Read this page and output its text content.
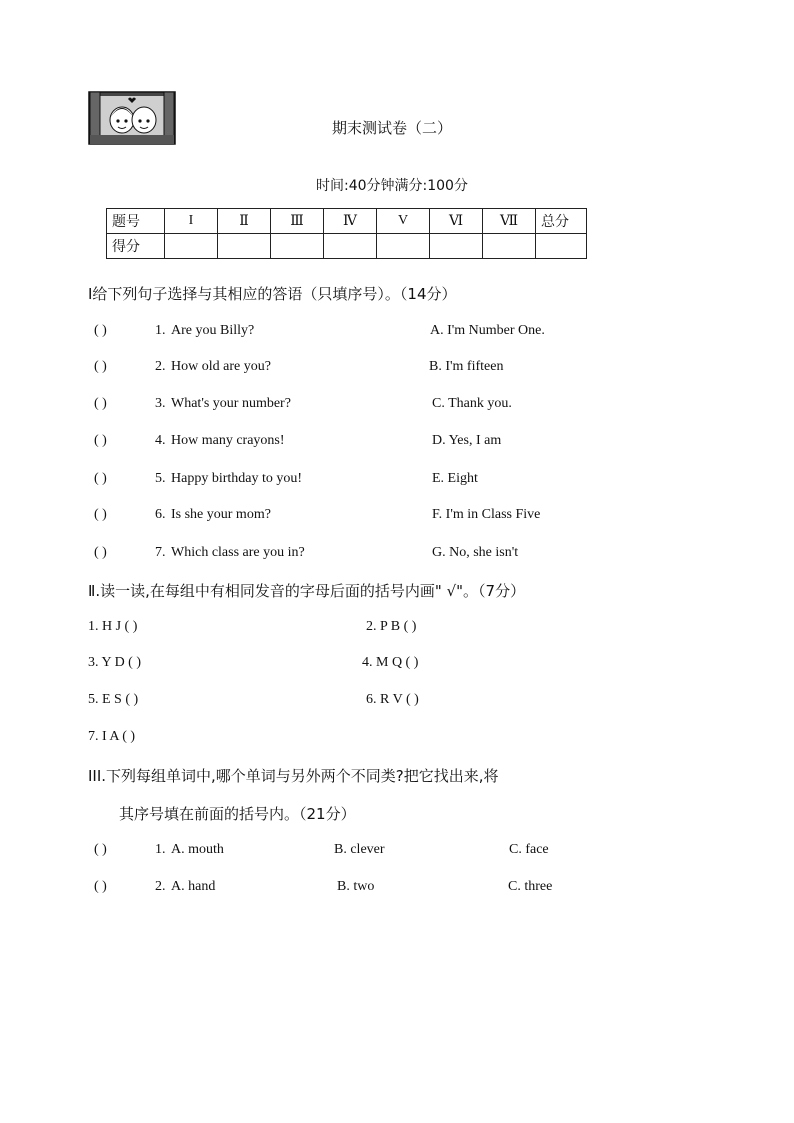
期末测试卷（二）
时间:40分钟满分:100分
题号	I	Ⅱ	Ⅲ	Ⅳ	V	Ⅵ	Ⅶ	总分
得分								
Ⅰ给下列句子选择与其相应的答语（只填序号）。（14分）
( )	1. Are you Billy?	A. I'm Number One.
( )	2. How old are you?	B. I'm fifteen
( )	3. What's your number?	C. Thank you.
( )	4. How many crayons!	D. Yes, I am
( )	5. Happy birthday to you!	E. Eight
( )	6. Is she your mom?	F. I'm in Class Five
( )	7. Which class are you in?	G. No, she isn't
Ⅱ.读一读,在每组中有相同发音的字母后面的括号内画" √"。（7分）
1. H J ( )	2. P B ( )
3. Y D ( )	4. M Q ( )
5. E S ( )	6. R V ( )
7. I A ( )
III.下列每组单词中,哪个单词与另外两个不同类?把它找出来,将
其序号填在前面的括号内。（21分）
( )	1. A. mouth	B. clever	C. face
( )	2. A. hand	B. two	C. three
